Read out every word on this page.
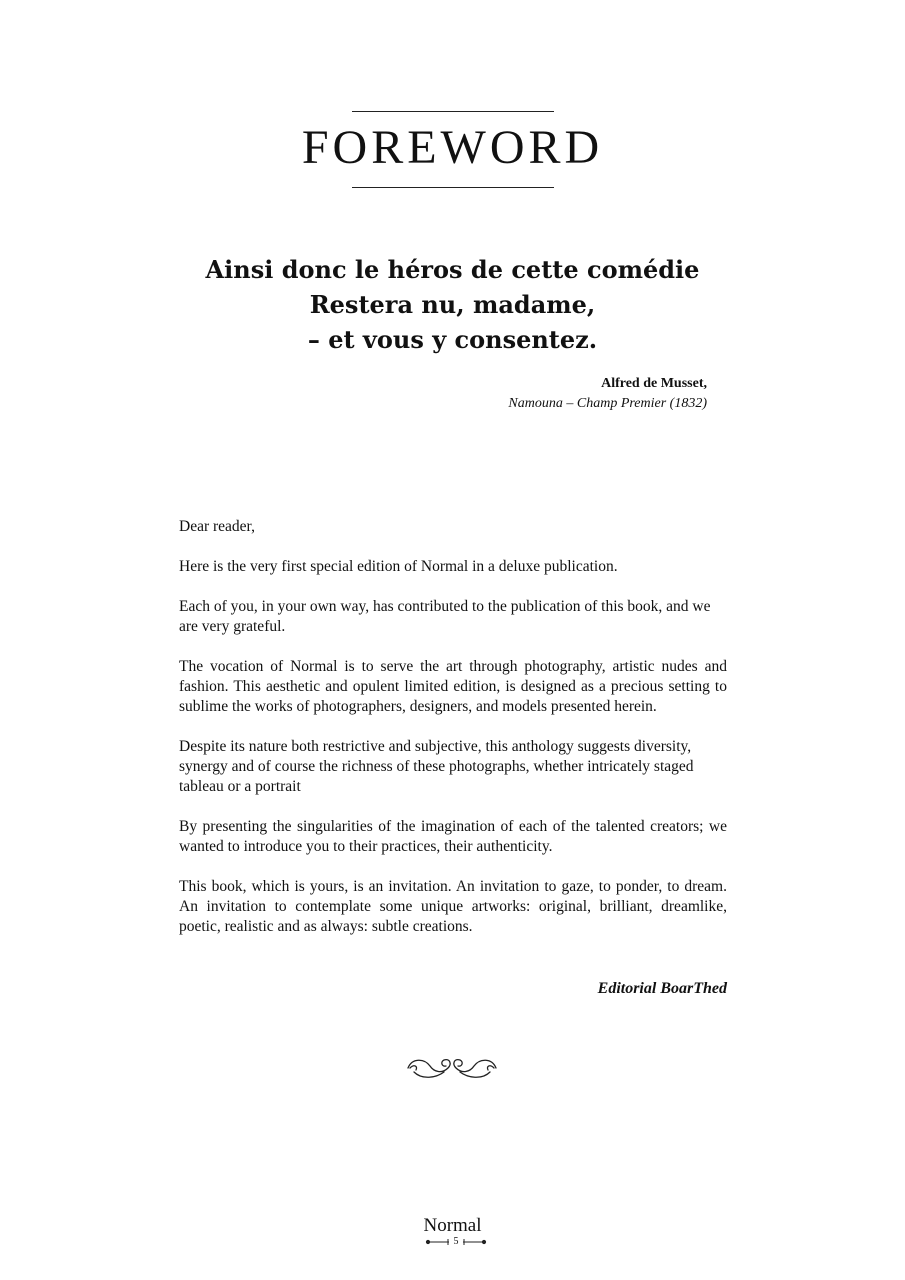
FOREWORD
Ainsi donc le héros de cette comédie
Restera nu, madame,
– et vous y consentez.
Alfred de Musset,
Namouna – Champ Premier (1832)

Dear reader,

Here is the very first special edition of Normal in a deluxe publication.

Each of you, in your own way, has contributed to the publication of this book, and we are very grateful.

The vocation of Normal is to serve the art through photography, artistic nudes and fashion. This aesthetic and opulent limited edition, is designed as a precious setting to sublime the works of photographers, designers, and models presented herein.

Despite its nature both restrictive and subjective, this anthology suggests diversity, synergy and of course the richness of these photographs, whether intricately staged tableau or a portrait

By presenting the singularities of the imagination of each of the talented creators; we wanted to introduce you to their practices, their authenticity.

This book, which is yours, is an invitation. An invitation to gaze, to ponder, to dream. An invitation to contemplate some unique artworks: original, brilliant, dreamlike, poetic, realistic and as always: subtle creations.

Editorial BoarThed
Normal
5
